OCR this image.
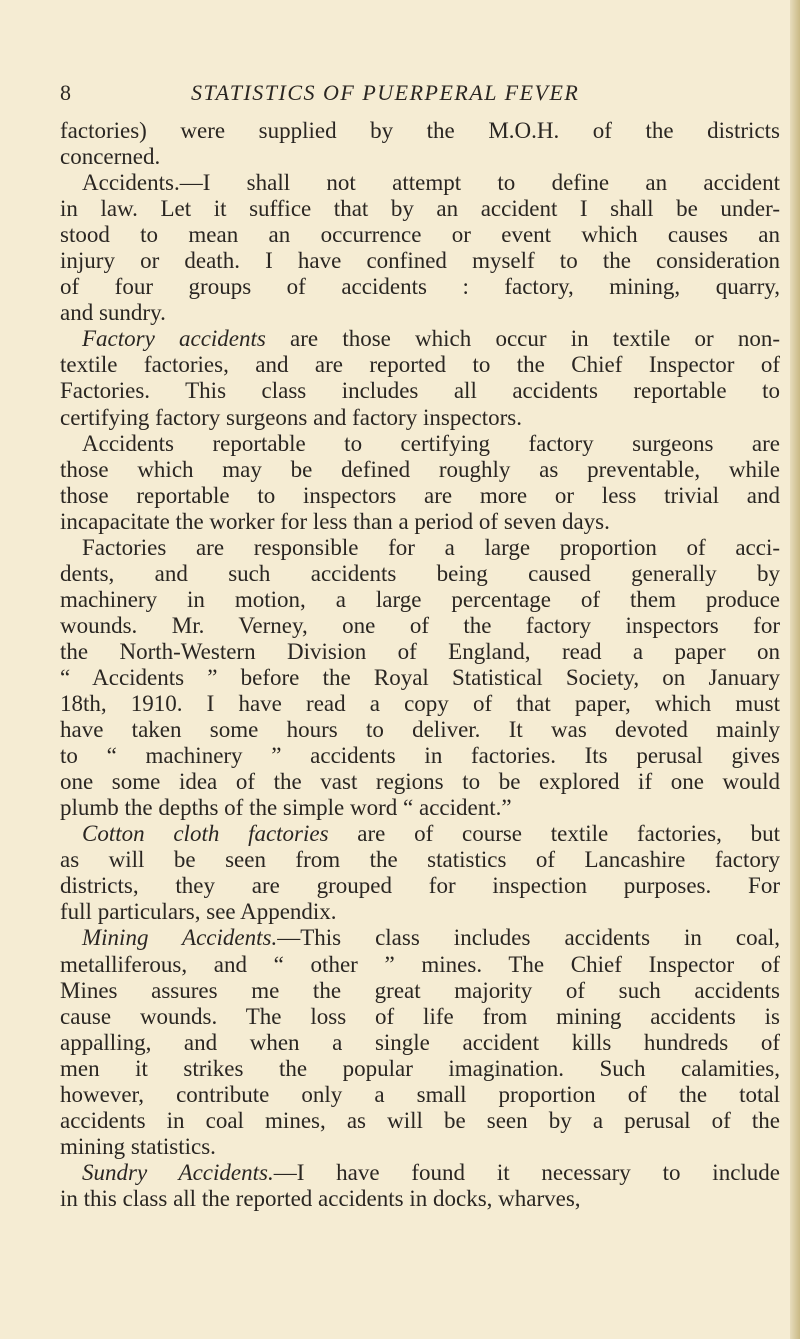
8	STATISTICS OF PUERPERAL FEVER
factories) were supplied by the M.O.H. of the districts
concerned.
Accidents.—I shall not attempt to define an accident
in law. Let it suffice that by an accident I shall be under-
stood to mean an occurrence or event which causes an
injury or death. I have confined myself to the consideration
of four groups of accidents : factory, mining, quarry,
and sundry.
Factory accidents are those which occur in textile or non-
textile factories, and are reported to the Chief Inspector of
Factories. This class includes all accidents reportable to
certifying factory surgeons and factory inspectors.
Accidents reportable to certifying factory surgeons are
those which may be defined roughly as preventable, while
those reportable to inspectors are more or less trivial and
incapacitate the worker for less than a period of seven days.
Factories are responsible for a large proportion of acci-
dents, and such accidents being caused generally by
machinery in motion, a large percentage of them produce
wounds. Mr. Verney, one of the factory inspectors for
the North-Western Division of England, read a paper on
“ Accidents ” before the Royal Statistical Society, on January
18th, 1910. I have read a copy of that paper, which must
have taken some hours to deliver. It was devoted mainly
to “ machinery ” accidents in factories. Its perusal gives
one some idea of the vast regions to be explored if one would
plumb the depths of the simple word “ accident.”
Cotton cloth factories are of course textile factories, but
as will be seen from the statistics of Lancashire factory
districts, they are grouped for inspection purposes. For
full particulars, see Appendix.
Mining Accidents.—This class includes accidents in coal,
metalliferous, and “ other ” mines. The Chief Inspector of
Mines assures me the great majority of such accidents
cause wounds. The loss of life from mining accidents is
appalling, and when a single accident kills hundreds of
men it strikes the popular imagination. Such calamities,
however, contribute only a small proportion of the total
accidents in coal mines, as will be seen by a perusal of the
mining statistics.
Sundry Accidents.—I have found it necessary to include
in this class all the reported accidents in docks, wharves,
